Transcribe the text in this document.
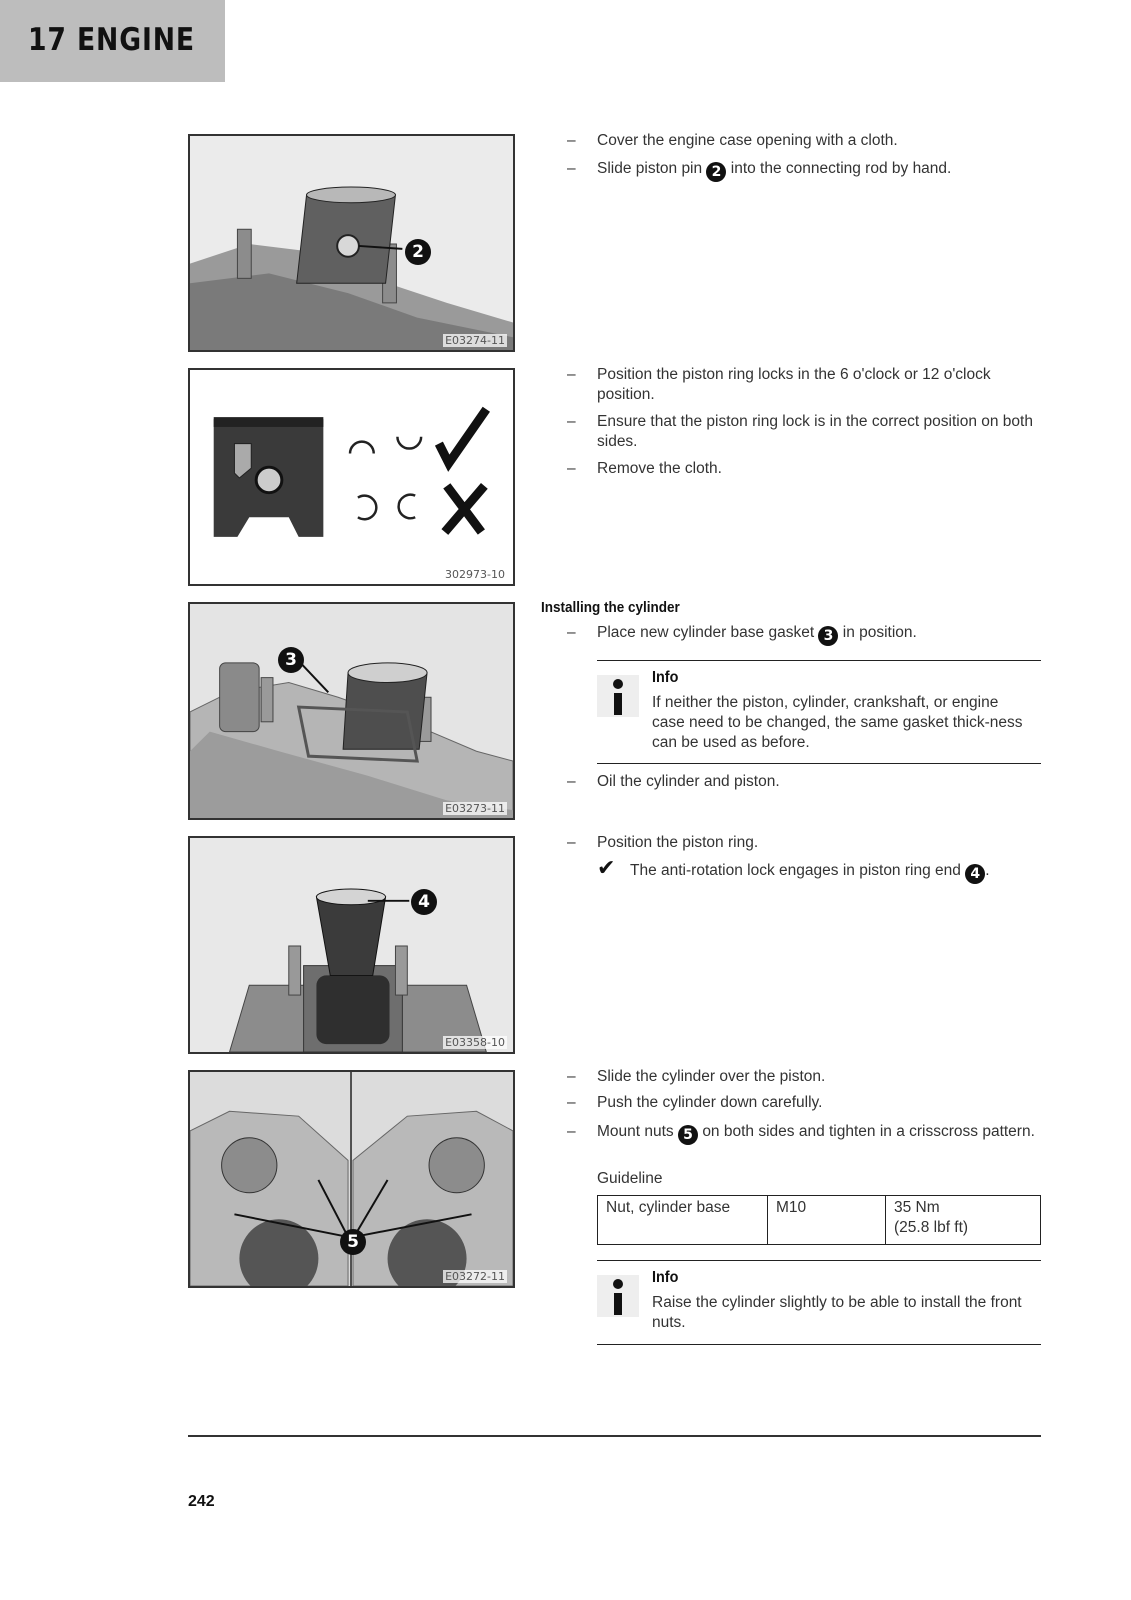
17 ENGINE
2
E03274-11
302973-10
3
E03273-11
4
E03358-10
5
E03272-11
– Cover the engine case opening with a cloth.
– Slide piston pin 2 into the connecting rod by hand.
– Position the piston ring locks in the 6 o'clock or 12 o'clock position.
– Ensure that the piston ring lock is in the correct position on both sides.
– Remove the cloth.
Installing the cylinder
– Place new cylinder base gasket 3 in position.
Info
If neither the piston, cylinder, crankshaft, or engine case need to be changed, the same gasket thick-ness can be used as before.
– Oil the cylinder and piston.
– Position the piston ring.
✔ The anti-rotation lock engages in piston ring end 4 .
– Slide the cylinder over the piston.
– Push the cylinder down carefully.
– Mount nuts 5 on both sides and tighten in a crisscross pattern.
Guideline
Nut, cylinder base	M10	35 Nm
(25.8 lbf ft)
Info
Raise the cylinder slightly to be able to install the front nuts.
242
